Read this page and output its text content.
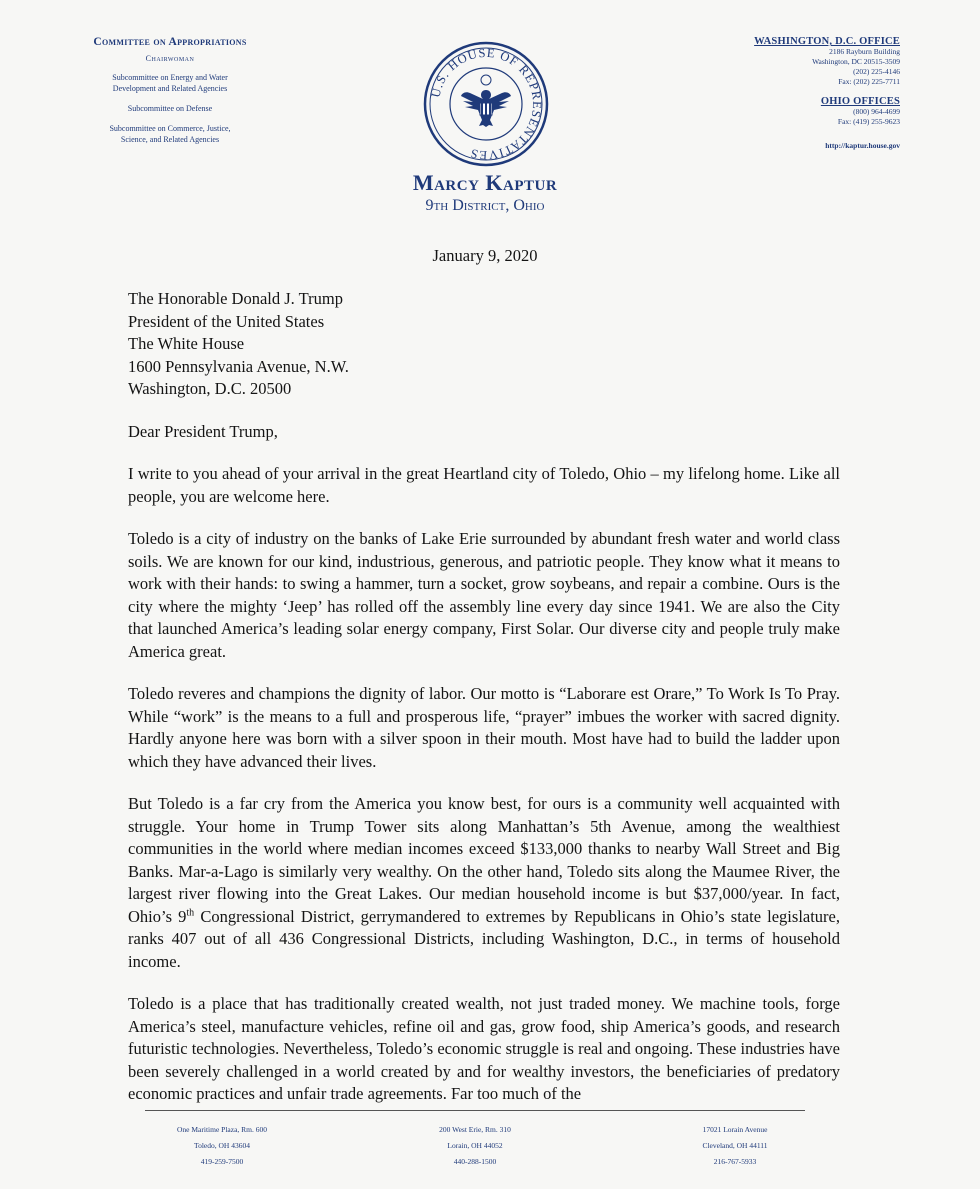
Committee on Appropriations
Chairwoman
Subcommittee on Energy and Water
Development and Related Agencies
Subcommittee on Defense
Subcommittee on Commerce, Justice,
Science, and Related Agencies
WASHINGTON, D.C. OFFICE
2186 Rayburn Building
Washington, DC 20515-3509
(202) 225-4146
Fax: (202) 225-7711
OHIO OFFICES
(800) 964-4699
Fax: (419) 255-9623
http://kaptur.house.gov
U.S. HOUSE OF REPRESENTATIVES
Marcy Kaptur
9th District, Ohio
January 9, 2020
The Honorable Donald J. Trump
President of the United States
The White House
1600 Pennsylvania Avenue, N.W.
Washington, D.C. 20500

Dear President Trump,

I write to you ahead of your arrival in the great Heartland city of Toledo, Ohio – my lifelong home. Like all people, you are welcome here.

Toledo is a city of industry on the banks of Lake Erie surrounded by abundant fresh water and world class soils. We are known for our kind, industrious, generous, and patriotic people. They know what it means to work with their hands: to swing a hammer, turn a socket, grow soybeans, and repair a combine. Ours is the city where the mighty ‘Jeep’ has rolled off the assembly line every day since 1941. We are also the City that launched America’s leading solar energy company, First Solar. Our diverse city and people truly make America great.

Toledo reveres and champions the dignity of labor. Our motto is “Laborare est Orare,” To Work Is To Pray. While “work” is the means to a full and prosperous life, “prayer” imbues the worker with sacred dignity. Hardly anyone here was born with a silver spoon in their mouth. Most have had to build the ladder upon which they have advanced their lives.

But Toledo is a far cry from the America you know best, for ours is a community well acquainted with struggle. Your home in Trump Tower sits along Manhattan’s 5th Avenue, among the wealthiest communities in the world where median incomes exceed $133,000 thanks to nearby Wall Street and Big Banks. Mar-a-Lago is similarly very wealthy. On the other hand, Toledo sits along the Maumee River, the largest river flowing into the Great Lakes. Our median household income is but $37,000/year. In fact, Ohio’s 9th Congressional District, gerrymandered to extremes by Republicans in Ohio’s state legislature, ranks 407 out of all 436 Congressional Districts, including Washington, D.C., in terms of household income.

Toledo is a place that has traditionally created wealth, not just traded money. We machine tools, forge America’s steel, manufacture vehicles, refine oil and gas, grow food, ship America’s goods, and research futuristic technologies. Nevertheless, Toledo’s economic struggle is real and ongoing. These industries have been severely challenged in a world created by and for wealthy investors, the beneficiaries of predatory economic practices and unfair trade agreements. Far too much of the

One Maritime Plaza, Rm. 600
Toledo, OH 43604
419-259-7500
200 West Erie, Rm. 310
Lorain, OH 44052
440-288-1500
17021 Lorain Avenue
Cleveland, OH 44111
216-767-5933
